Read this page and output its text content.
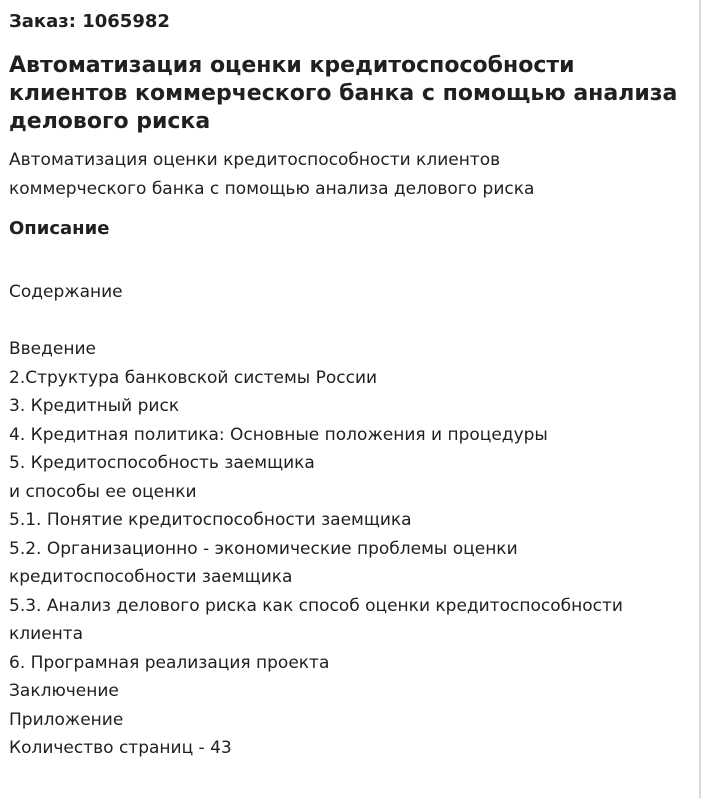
Заказ: 1065982
Автоматизация оценки кредитоспособности клиентов коммерческого банка с помощью анализа делового риска
Автоматизация оценки кредитоспособности клиентов
коммерческого банка с помощью анализа делового риска
Описание
Содержание
Введение
2.Структура банковской системы России
3. Кредитный риск
4. Кредитная политика: Основные положения и процедуры
5. Кредитоспособность заемщика
и способы ее оценки
5.1. Понятие кредитоспособности заемщика
5.2. Организационно - экономические проблемы оценки
кредитоспособности заемщика
5.3. Анализ делового риска как способ оценки кредитоспособности
клиента
6. Програмная реализация проекта
Заключение
Приложение
Количество страниц - 43
